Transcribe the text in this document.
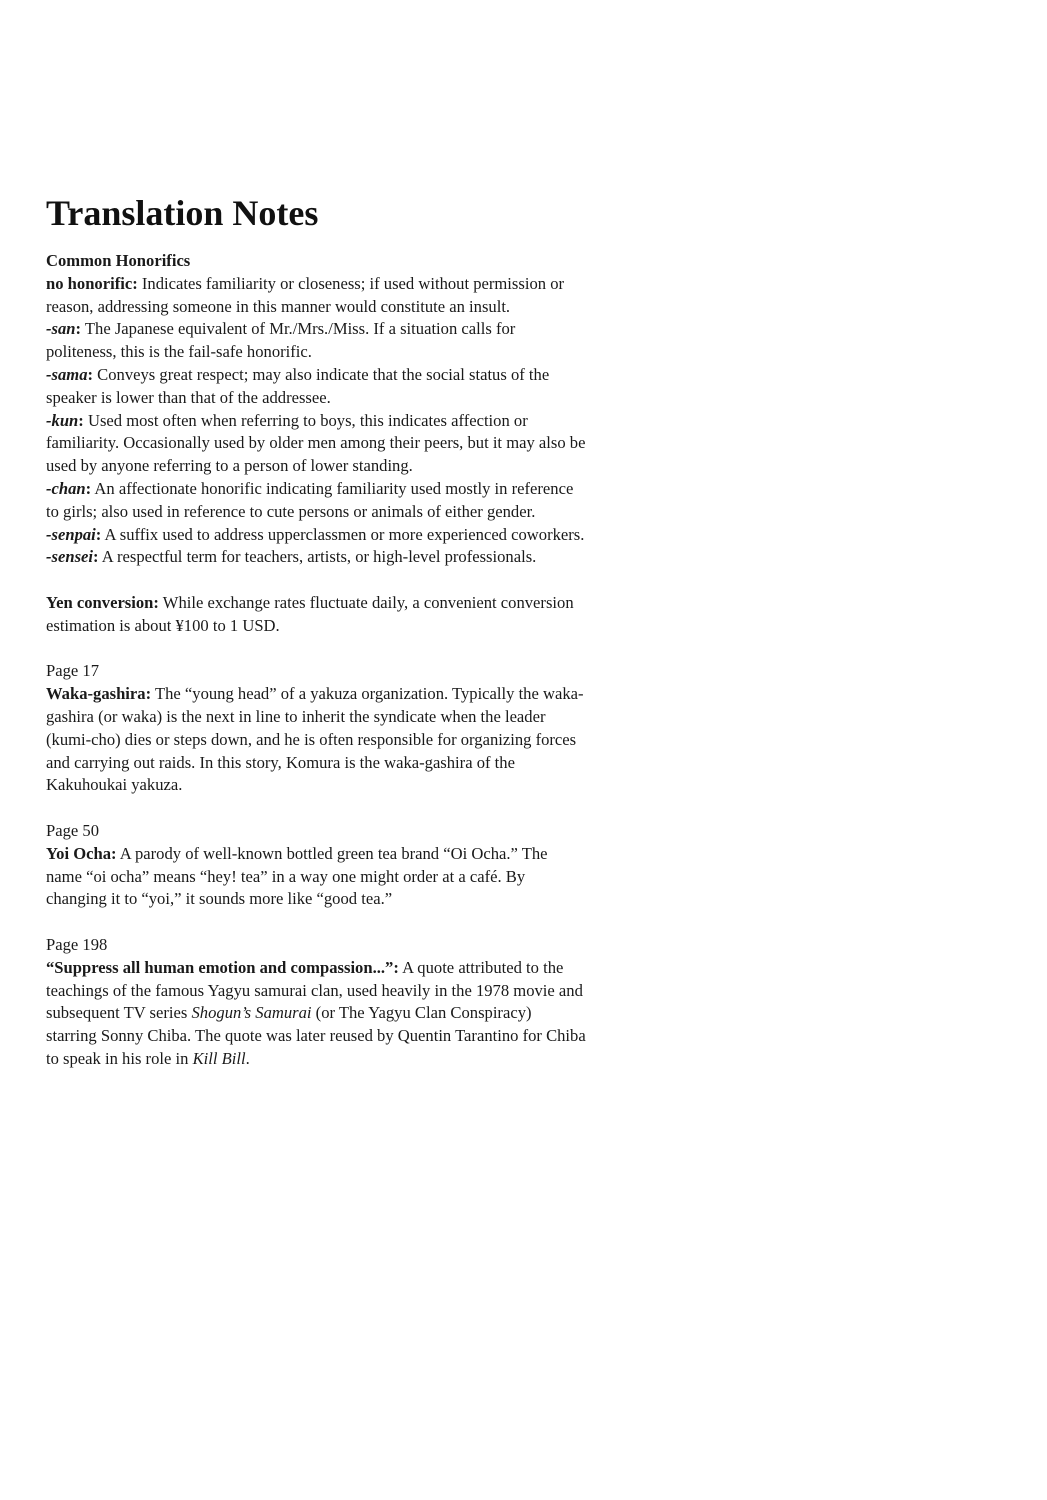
Translation Notes

Common Honorifics

no honorific: Indicates familiarity or closeness; if used without permission or reason, addressing someone in this manner would constitute an insult.

-san: The Japanese equivalent of Mr./Mrs./Miss. If a situation calls for politeness, this is the fail-safe honorific.

-sama: Conveys great respect; may also indicate that the social status of the speaker is lower than that of the addressee.

-kun: Used most often when referring to boys, this indicates affection or familiarity. Occasionally used by older men among their peers, but it may also be used by anyone referring to a person of lower standing.

-chan: An affectionate honorific indicating familiarity used mostly in reference to girls; also used in reference to cute persons or animals of either gender.

-senpai: A suffix used to address upperclassmen or more experienced coworkers.

-sensei: A respectful term for teachers, artists, or high-level professionals.

Yen conversion: While exchange rates fluctuate daily, a convenient conversion estimation is about ¥100 to 1 USD.

Page 17

Waka-gashira: The “young head” of a yakuza organization. Typically the waka-gashira (or waka) is the next in line to inherit the syndicate when the leader (kumi-cho) dies or steps down, and he is often responsible for organizing forces and carrying out raids. In this story, Komura is the waka-gashira of the Kakuhoukai yakuza.

Page 50

Yoi Ocha: A parody of well-known bottled green tea brand “Oi Ocha.” The name “oi ocha” means “hey! tea” in a way one might order at a café. By changing it to “yoi,” it sounds more like “good tea.”

Page 198

“Suppress all human emotion and compassion...”: A quote attributed to the teachings of the famous Yagyu samurai clan, used heavily in the 1978 movie and subsequent TV series Shogun’s Samurai (or The Yagyu Clan Conspiracy) starring Sonny Chiba. The quote was later reused by Quentin Tarantino for Chiba to speak in his role in Kill Bill.
